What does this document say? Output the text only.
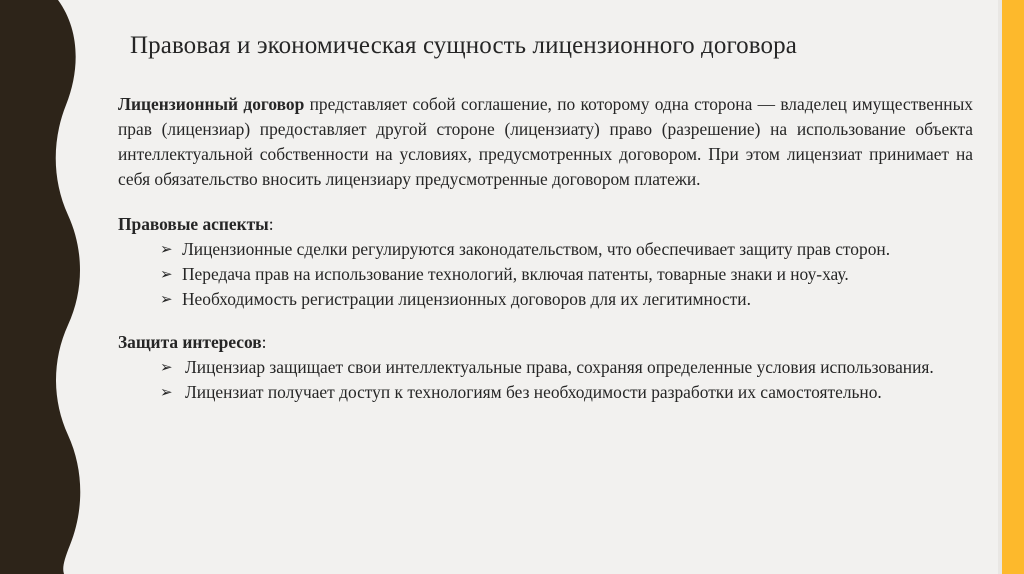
Правовая и экономическая сущность лицензионного договора

Лицензионный договор представляет собой соглашение, по которому одна сторона — владелец имущественных прав (лицензиар) предоставляет другой стороне (лицензиату) право (разрешение) на использование объекта интеллектуальной собственности на условиях, предусмотренных договором. При этом лицензиат принимает на себя обязательство вносить лицензиару предусмотренные договором платежи.

Правовые аспекты:

➢ Лицензионные сделки регулируются законодательством, что обеспечивает защиту прав сторон.
➢ Передача прав на использование технологий, включая патенты, товарные знаки и ноу-хау.
➢ Необходимость регистрации лицензионных договоров для их легитимности.

Защита интересов:

➢ Лицензиар защищает свои интеллектуальные права, сохраняя определенные условия использования.
➢ Лицензиат получает доступ к технологиям без необходимости разработки их самостоятельно.
